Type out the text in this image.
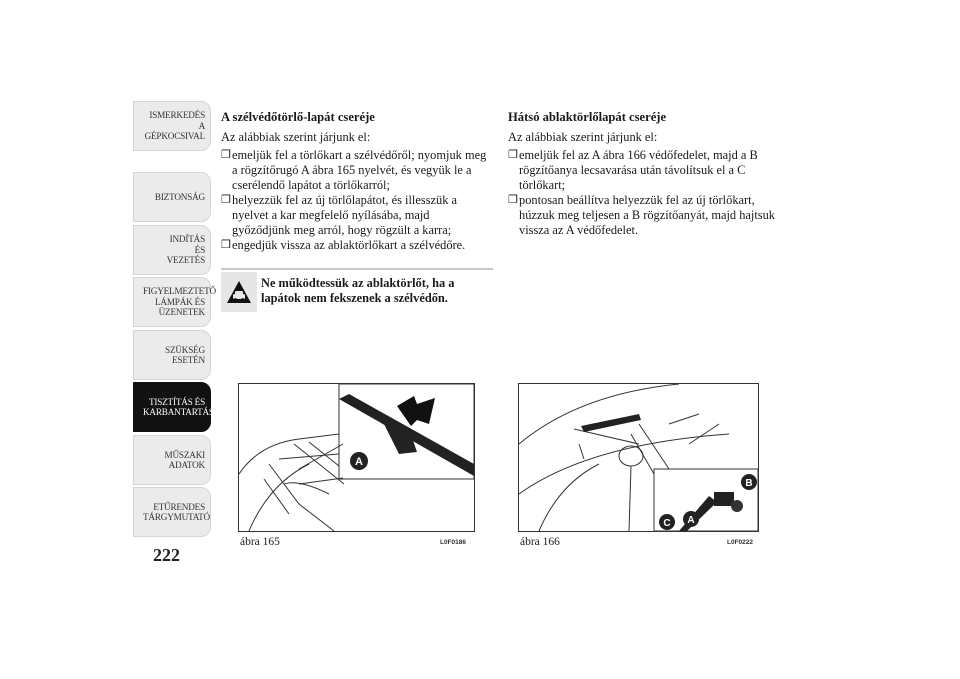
ISMERKEDÉS A GÉPKOCSIVAL
BIZTONSÁG
INDÍTÁS ÉS VEZETÉS
FIGYELMEZTETŐ LÁMPÁK ÉS ÜZENETEK
SZÜKSÉG ESETÉN
TISZTÍTÁS ÉS KARBANTARTÁS
MŰSZAKI ADATOK
ETŰRENDES TÁRGYMUTATÓ
222
A szélvédőtörlő-lapát cseréje

Az alábbiak szerint járjunk el:

❒ emeljük fel a törlőkart a szélvédőről; nyomjuk meg a rögzítőrugó A ábra 165 nyelvét, és vegyük le a cserélendő lapátot a törlőkarról;
❒ helyezzük fel az új törlőlapátot, és illesszük a nyelvet a kar megfelelő nyílásába, majd győződjünk meg arról, hogy rögzült a karra;
❒ engedjük vissza az ablaktörlőkart a szélvédőre.
Ne működtessük az ablaktörlőt, ha a lapátok nem fekszenek a szélvédőn.
Hátsó ablaktörlőlapát cseréje

Az alábbiak szerint járjunk el:

❒ emeljük fel az A ábra 166 védőfedelet, majd a B rögzítőanya lecsavarása után távolítsuk el a C törlőkart;
❒ pontosan beállítva helyezzük fel az új törlőkart, húzzuk meg teljesen a B rögzítőanyát, majd hajtsuk vissza az A védőfedelet.
A
ábra 165	L0F0186
C A
B
ábra 166	L0F0222
